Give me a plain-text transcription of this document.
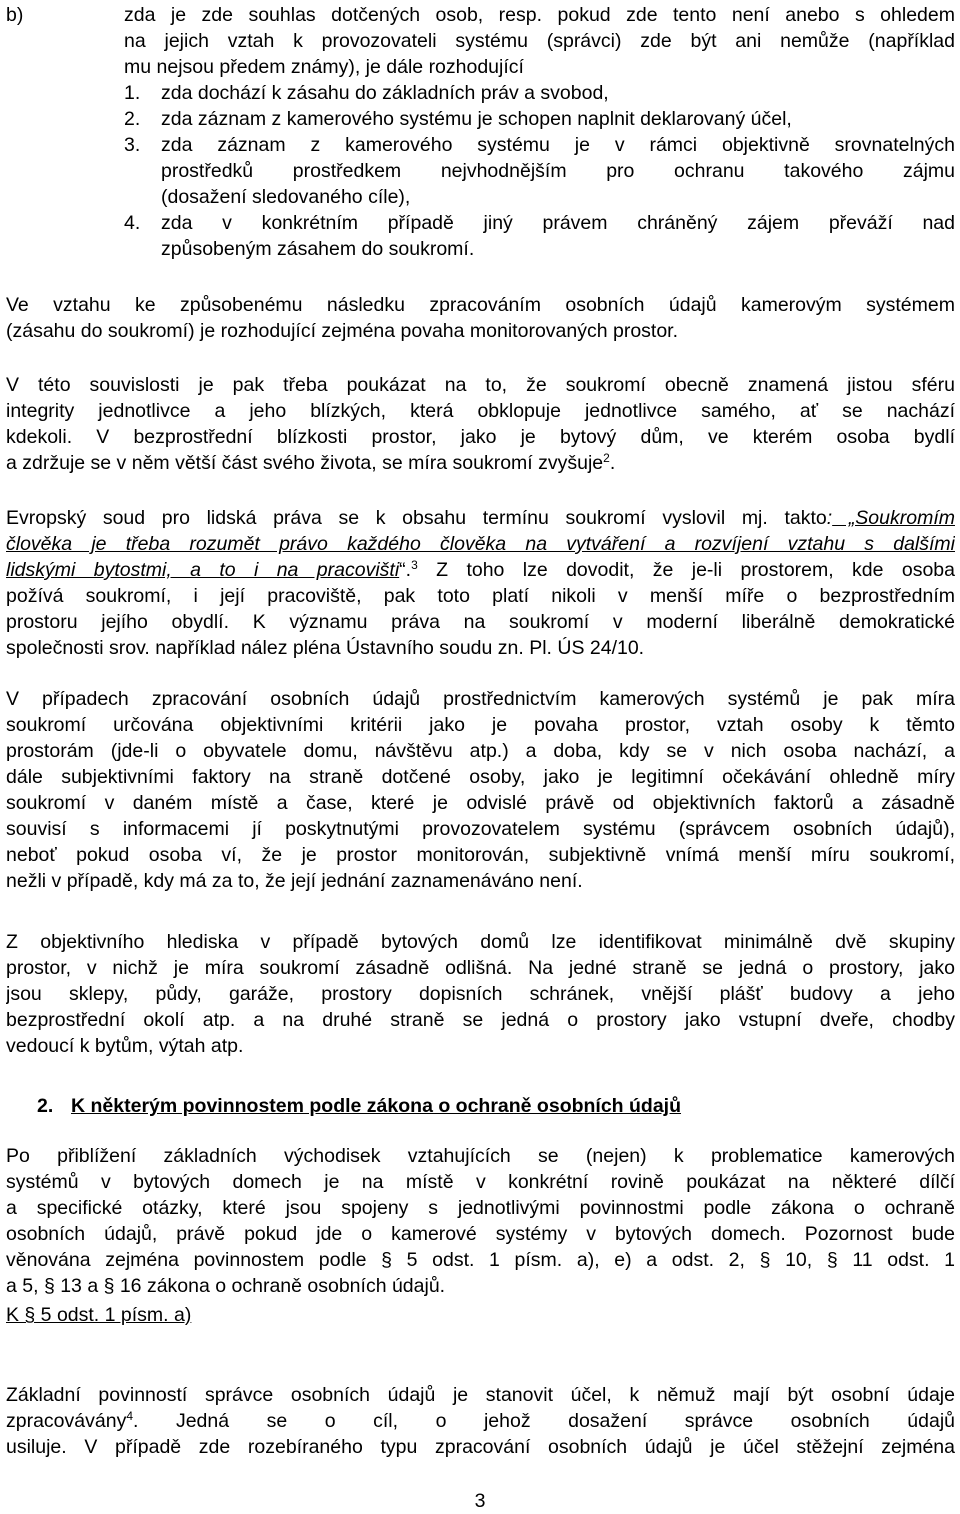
b)	zda je zde souhlas dotčených osob, resp. pokud zde tento není anebo s ohledem
na jejich vztah k provozovateli systému (správci) zde být ani nemůže (například
mu nejsou předem známy), je dále rozhodující
1. zda dochází k zásahu do základních práv a svobod,
2. zda záznam z kamerového systému je schopen naplnit deklarovaný účel,
3. zda záznam z kamerového systému je v rámci objektivně srovnatelných
prostředků prostředkem nejvhodnějším pro ochranu takového zájmu
(dosažení sledovaného cíle),
4. zda v konkrétním případě jiný právem chráněný zájem převáží nad
způsobeným zásahem do soukromí.
Ve vztahu ke způsobenému následku zpracováním osobních údajů kamerovým systémem
(zásahu do soukromí) je rozhodující zejména povaha monitorovaných prostor.
V této souvislosti je pak třeba poukázat na to, že soukromí obecně znamená jistou sféru
integrity jednotlivce a jeho blízkých, která obklopuje jednotlivce samého, ať se nachází
kdekoli. V bezprostřední blízkosti prostor, jako je bytový dům, ve kterém osoba bydlí
a zdržuje se v něm větší část svého života, se míra soukromí zvyšuje$^2$.
Evropský soud pro lidská práva se k obsahu termínu soukromí vyslovil mj. takto: „Soukromím
člověka je třeba rozumět právo každého člověka na vytváření a rozvíjení vztahu s dalšími
lidskými bytostmi, a to i na pracovišti“.$^3$ Z toho lze dovodit, že je-li prostorem, kde osoba
požívá soukromí, i její pracoviště, pak toto platí nikoli v menší míře o bezprostředním
prostoru jejího obydlí. K významu práva na soukromí v moderní liberálně demokratické
společnosti srov. například nález pléna Ústavního soudu zn. Pl. ÚS 24/10.
V případech zpracování osobních údajů prostřednictvím kamerových systémů je pak míra
soukromí určována objektivními kritérii jako je povaha prostor, vztah osoby k těmto
prostorám (jde-li o obyvatele domu, návštěvu atp.) a doba, kdy se v nich osoba nachází, a
dále subjektivními faktory na straně dotčené osoby, jako je legitimní očekávání ohledně míry
soukromí v daném místě a čase, které je odvislé právě od objektivních faktorů a zásadně
souvisí s informacemi jí poskytnutými provozovatelem systému (správcem osobních údajů),
neboť pokud osoba ví, že je prostor monitorován, subjektivně vnímá menší míru soukromí,
nežli v případě, kdy má za to, že její jednání zaznamenáváno není.
Z objektivního hlediska v případě bytových domů lze identifikovat minimálně dvě skupiny
prostor, v nichž je míra soukromí zásadně odlišná. Na jedné straně se jedná o prostory, jako
jsou sklepy, půdy, garáže, prostory dopisních schránek, vnější plášť budovy a jeho
bezprostřední okolí atp. a na druhé straně se jedná o prostory jako vstupní dveře, chodby
vedoucí k bytům, výtah atp.
2. K některým povinnostem podle zákona o ochraně osobních údajů
Po přiblížení základních východisek vztahujících se (nejen) k problematice kamerových
systémů v bytových domech je na místě v konkrétní rovině poukázat na některé dílčí
a specifické otázky, které jsou spojeny s jednotlivými povinnostmi podle zákona o ochraně
osobních údajů, právě pokud jde o kamerové systémy v bytových domech. Pozornost bude
věnována zejména povinnostem podle § 5 odst. 1 písm. a), e) a odst. 2, § 10, § 11 odst. 1
a 5, § 13 a § 16 zákona o ochraně osobních údajů.
K § 5 odst. 1 písm. a)
Základní povinností správce osobních údajů je stanovit účel, k němuž mají být osobní údaje
zpracovávány$^4$. Jedná se o cíl, o jehož dosažení správce osobních údajů
usiluje. V případě zde rozebíraného typu zpracování osobních údajů je účel stěžejní zejména
3
